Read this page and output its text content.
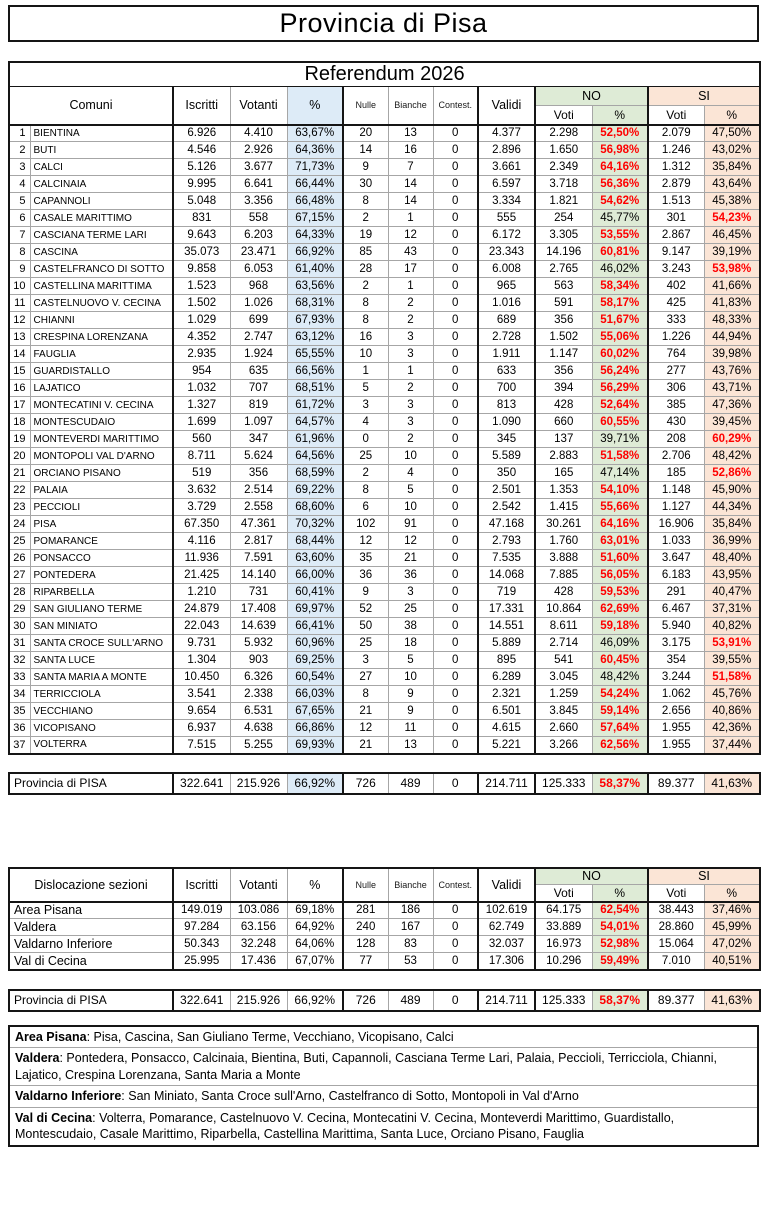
Provincia di Pisa
Referendum 2026												
Comuni		Iscritti	Votanti	%	Nulle	Bianche	Contest.	Validi	NO		SI	
									Voti	%	Voti	%
1	BIENTINA	6.926	4.410	63,67%	20	13	0	4.377	2.298	52,50%	2.079	47,50%
2	BUTI	4.546	2.926	64,36%	14	16	0	2.896	1.650	56,98%	1.246	43,02%
3	CALCI	5.126	3.677	71,73%	9	7	0	3.661	2.349	64,16%	1.312	35,84%
4	CALCINAIA	9.995	6.641	66,44%	30	14	0	6.597	3.718	56,36%	2.879	43,64%
5	CAPANNOLI	5.048	3.356	66,48%	8	14	0	3.334	1.821	54,62%	1.513	45,38%
6	CASALE MARITTIMO	831	558	67,15%	2	1	0	555	254	45,77%	301	54,23%
7	CASCIANA TERME LARI	9.643	6.203	64,33%	19	12	0	6.172	3.305	53,55%	2.867	46,45%
8	CASCINA	35.073	23.471	66,92%	85	43	0	23.343	14.196	60,81%	9.147	39,19%
9	CASTELFRANCO DI SOTTO	9.858	6.053	61,40%	28	17	0	6.008	2.765	46,02%	3.243	53,98%
10	CASTELLINA MARITTIMA	1.523	968	63,56%	2	1	0	965	563	58,34%	402	41,66%
11	CASTELNUOVO V. CECINA	1.502	1.026	68,31%	8	2	0	1.016	591	58,17%	425	41,83%
12	CHIANNI	1.029	699	67,93%	8	2	0	689	356	51,67%	333	48,33%
13	CRESPINA LORENZANA	4.352	2.747	63,12%	16	3	0	2.728	1.502	55,06%	1.226	44,94%
14	FAUGLIA	2.935	1.924	65,55%	10	3	0	1.911	1.147	60,02%	764	39,98%
15	GUARDISTALLO	954	635	66,56%	1	1	0	633	356	56,24%	277	43,76%
16	LAJATICO	1.032	707	68,51%	5	2	0	700	394	56,29%	306	43,71%
17	MONTECATINI V. CECINA	1.327	819	61,72%	3	3	0	813	428	52,64%	385	47,36%
18	MONTESCUDAIO	1.699	1.097	64,57%	4	3	0	1.090	660	60,55%	430	39,45%
19	MONTEVERDI MARITTIMO	560	347	61,96%	0	2	0	345	137	39,71%	208	60,29%
20	MONTOPOLI VAL D'ARNO	8.711	5.624	64,56%	25	10	0	5.589	2.883	51,58%	2.706	48,42%
21	ORCIANO PISANO	519	356	68,59%	2	4	0	350	165	47,14%	185	52,86%
22	PALAIA	3.632	2.514	69,22%	8	5	0	2.501	1.353	54,10%	1.148	45,90%
23	PECCIOLI	3.729	2.558	68,60%	6	10	0	2.542	1.415	55,66%	1.127	44,34%
24	PISA	67.350	47.361	70,32%	102	91	0	47.168	30.261	64,16%	16.906	35,84%
25	POMARANCE	4.116	2.817	68,44%	12	12	0	2.793	1.760	63,01%	1.033	36,99%
26	PONSACCO	11.936	7.591	63,60%	35	21	0	7.535	3.888	51,60%	3.647	48,40%
27	PONTEDERA	21.425	14.140	66,00%	36	36	0	14.068	7.885	56,05%	6.183	43,95%
28	RIPARBELLA	1.210	731	60,41%	9	3	0	719	428	59,53%	291	40,47%
29	SAN GIULIANO TERME	24.879	17.408	69,97%	52	25	0	17.331	10.864	62,69%	6.467	37,31%
30	SAN MINIATO	22.043	14.639	66,41%	50	38	0	14.551	8.611	59,18%	5.940	40,82%
31	SANTA CROCE SULL'ARNO	9.731	5.932	60,96%	25	18	0	5.889	2.714	46,09%	3.175	53,91%
32	SANTA LUCE	1.304	903	69,25%	3	5	0	895	541	60,45%	354	39,55%
33	SANTA MARIA A MONTE	10.450	6.326	60,54%	27	10	0	6.289	3.045	48,42%	3.244	51,58%
34	TERRICCIOLA	3.541	2.338	66,03%	8	9	0	2.321	1.259	54,24%	1.062	45,76%
35	VECCHIANO	9.654	6.531	67,65%	21	9	0	6.501	3.845	59,14%	2.656	40,86%
36	VICOPISANO	6.937	4.638	66,86%	12	11	0	4.615	2.660	57,64%	1.955	42,36%
37	VOLTERRA	7.515	5.255	69,93%	21	13	0	5.221	3.266	62,56%	1.955	37,44%
Provincia di PISA	322.641	215.926	66,92%	726	489	0	214.711	125.333	58,37%	89.377	41,63%
Dislocazione sezioni	Iscritti	Votanti	%	Nulle	Bianche	Contest.	Validi	NO		SI	
								Voti	%	Voti	%
Area Pisana	149.019	103.086	69,18%	281	186	0	102.619	64.175	62,54%	38.443	37,46%
Valdera	97.284	63.156	64,92%	240	167	0	62.749	33.889	54,01%	28.860	45,99%
Valdarno Inferiore	50.343	32.248	64,06%	128	83	0	32.037	16.973	52,98%	15.064	47,02%
Val di Cecina	25.995	17.436	67,07%	77	53	0	17.306	10.296	59,49%	7.010	40,51%
Provincia di PISA	322.641	215.926	66,92%	726	489	0	214.711	125.333	58,37%	89.377	41,63%
Area Pisana: Pisa, Cascina, San Giuliano Terme, Vecchiano, Vicopisano, Calci
Valdera: Pontedera, Ponsacco, Calcinaia, Bientina, Buti, Capannoli, Casciana Terme Lari, Palaia, Peccioli, Terricciola, Chianni, Lajatico, Crespina Lorenzana, Santa Maria a Monte
Valdarno Inferiore: San Miniato, Santa Croce sull'Arno, Castelfranco di Sotto, Montopoli in Val d'Arno
Val di Cecina: Volterra, Pomarance, Castelnuovo V. Cecina, Montecatini V. Cecina, Monteverdi Marittimo, Guardistallo, Montescudaio, Casale Marittimo, Riparbella, Castellina Marittima, Santa Luce, Orciano Pisano, Fauglia
